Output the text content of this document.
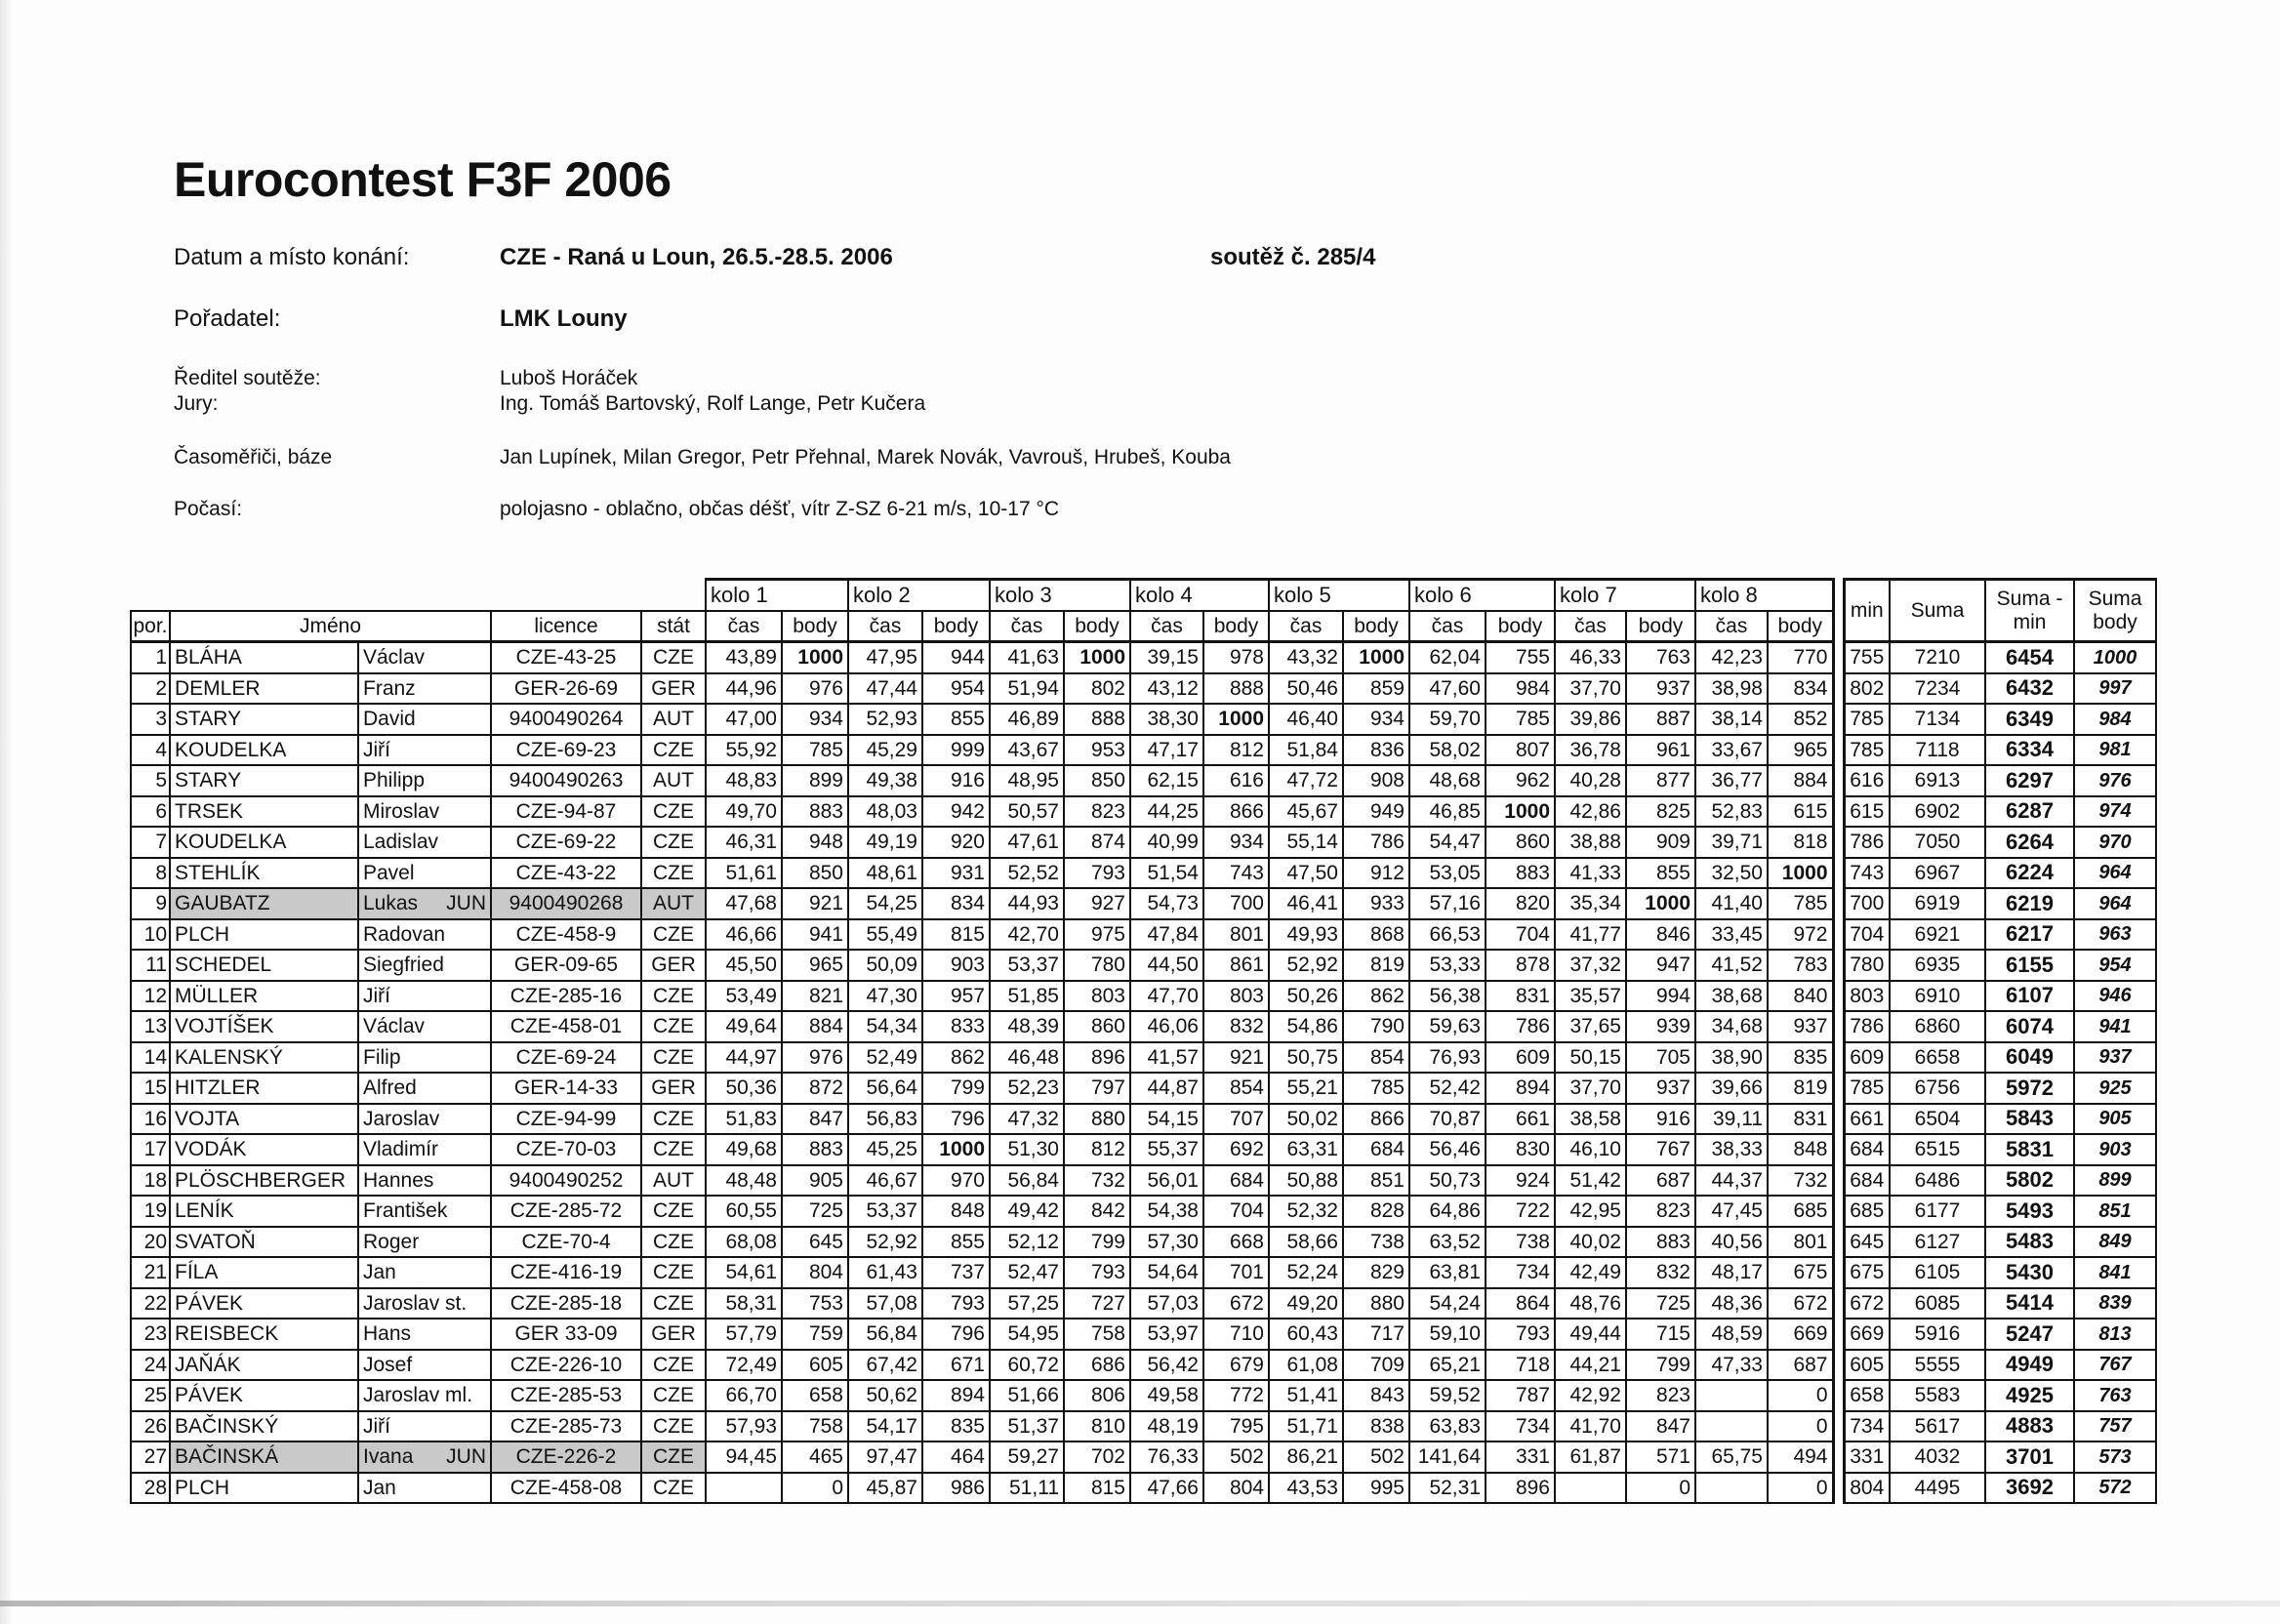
Eurocontest F3F 2006
Datum a místo konání:	CZE - Raná u Loun, 26.5.-28.5. 2006	soutěž č. 285/4
Pořadatel:	LMK Louny
Ředitel soutěže:	Luboš Horáček
Jury:	Ing. Tomáš Bartovský, Rolf Lange, Petr Kučera
Časoměřiči, báze	Jan Lupínek, Milan Gregor, Petr Přehnal, Marek Novák, Vavrouš, Hrubeš, Kouba
Počasí:	polojasno - oblačno, občas déšť, vítr Z-SZ 6-21 m/s, 10-17 °C
					kolo 1		kolo 2		kolo 3		kolo 4		kolo 5		kolo 6		kolo 7		kolo 8			min	Suma	Suma - min	Suma body
por.	Jméno		licence	stát	čas	body	čas	body	čas	body	čas	body	čas	body	čas	body	čas	body	čas	body					
1	BLÁHA	Václav	CZE-43-25	CZE	43,89	1000	47,95	944	41,63	1000	39,15	978	43,32	1000	62,04	755	46,33	763	42,23	770		755	7210	6454	1000
2	DEMLER	Franz	GER-26-69	GER	44,96	976	47,44	954	51,94	802	43,12	888	50,46	859	47,60	984	37,70	937	38,98	834		802	7234	6432	997
3	STARY	David	9400490264	AUT	47,00	934	52,93	855	46,89	888	38,30	1000	46,40	934	59,70	785	39,86	887	38,14	852		785	7134	6349	984
4	KOUDELKA	Jiří	CZE-69-23	CZE	55,92	785	45,29	999	43,67	953	47,17	812	51,84	836	58,02	807	36,78	961	33,67	965		785	7118	6334	981
5	STARY	Philipp	9400490263	AUT	48,83	899	49,38	916	48,95	850	62,15	616	47,72	908	48,68	962	40,28	877	36,77	884		616	6913	6297	976
6	TRSEK	Miroslav	CZE-94-87	CZE	49,70	883	48,03	942	50,57	823	44,25	866	45,67	949	46,85	1000	42,86	825	52,83	615		615	6902	6287	974
7	KOUDELKA	Ladislav	CZE-69-22	CZE	46,31	948	49,19	920	47,61	874	40,99	934	55,14	786	54,47	860	38,88	909	39,71	818		786	7050	6264	970
8	STEHLÍK	Pavel	CZE-43-22	CZE	51,61	850	48,61	931	52,52	793	51,54	743	47,50	912	53,05	883	41,33	855	32,50	1000		743	6967	6224	964
9	GAUBATZ	Lukas JUN	9400490268	AUT	47,68	921	54,25	834	44,93	927	54,73	700	46,41	933	57,16	820	35,34	1000	41,40	785		700	6919	6219	964
10	PLCH	Radovan	CZE-458-9	CZE	46,66	941	55,49	815	42,70	975	47,84	801	49,93	868	66,53	704	41,77	846	33,45	972		704	6921	6217	963
11	SCHEDEL	Siegfried	GER-09-65	GER	45,50	965	50,09	903	53,37	780	44,50	861	52,92	819	53,33	878	37,32	947	41,52	783		780	6935	6155	954
12	MÜLLER	Jiří	CZE-285-16	CZE	53,49	821	47,30	957	51,85	803	47,70	803	50,26	862	56,38	831	35,57	994	38,68	840		803	6910	6107	946
13	VOJTÍŠEK	Václav	CZE-458-01	CZE	49,64	884	54,34	833	48,39	860	46,06	832	54,86	790	59,63	786	37,65	939	34,68	937		786	6860	6074	941
14	KALENSKÝ	Filip	CZE-69-24	CZE	44,97	976	52,49	862	46,48	896	41,57	921	50,75	854	76,93	609	50,15	705	38,90	835		609	6658	6049	937
15	HITZLER	Alfred	GER-14-33	GER	50,36	872	56,64	799	52,23	797	44,87	854	55,21	785	52,42	894	37,70	937	39,66	819		785	6756	5972	925
16	VOJTA	Jaroslav	CZE-94-99	CZE	51,83	847	56,83	796	47,32	880	54,15	707	50,02	866	70,87	661	38,58	916	39,11	831		661	6504	5843	905
17	VODÁK	Vladimír	CZE-70-03	CZE	49,68	883	45,25	1000	51,30	812	55,37	692	63,31	684	56,46	830	46,10	767	38,33	848		684	6515	5831	903
18	PLÖSCHBERGER	Hannes	9400490252	AUT	48,48	905	46,67	970	56,84	732	56,01	684	50,88	851	50,73	924	51,42	687	44,37	732		684	6486	5802	899
19	LENÍK	František	CZE-285-72	CZE	60,55	725	53,37	848	49,42	842	54,38	704	52,32	828	64,86	722	42,95	823	47,45	685		685	6177	5493	851
20	SVATOŇ	Roger	CZE-70-4	CZE	68,08	645	52,92	855	52,12	799	57,30	668	58,66	738	63,52	738	40,02	883	40,56	801		645	6127	5483	849
21	FÍLA	Jan	CZE-416-19	CZE	54,61	804	61,43	737	52,47	793	54,64	701	52,24	829	63,81	734	42,49	832	48,17	675		675	6105	5430	841
22	PÁVEK	Jaroslav st.	CZE-285-18	CZE	58,31	753	57,08	793	57,25	727	57,03	672	49,20	880	54,24	864	48,76	725	48,36	672		672	6085	5414	839
23	REISBECK	Hans	GER 33-09	GER	57,79	759	56,84	796	54,95	758	53,97	710	60,43	717	59,10	793	49,44	715	48,59	669		669	5916	5247	813
24	JAŇÁK	Josef	CZE-226-10	CZE	72,49	605	67,42	671	60,72	686	56,42	679	61,08	709	65,21	718	44,21	799	47,33	687		605	5555	4949	767
25	PÁVEK	Jaroslav ml.	CZE-285-53	CZE	66,70	658	50,62	894	51,66	806	49,58	772	51,41	843	59,52	787	42,92	823		0		658	5583	4925	763
26	BAČINSKÝ	Jiří	CZE-285-73	CZE	57,93	758	54,17	835	51,37	810	48,19	795	51,71	838	63,83	734	41,70	847		0		734	5617	4883	757
27	BAČINSKÁ	Ivana JUN	CZE-226-2	CZE	94,45	465	97,47	464	59,27	702	76,33	502	86,21	502	141,64	331	61,87	571	65,75	494		331	4032	3701	573
28	PLCH	Jan	CZE-458-08	CZE		0	45,87	986	51,11	815	47,66	804	43,53	995	52,31	896		0		0		804	4495	3692	572
